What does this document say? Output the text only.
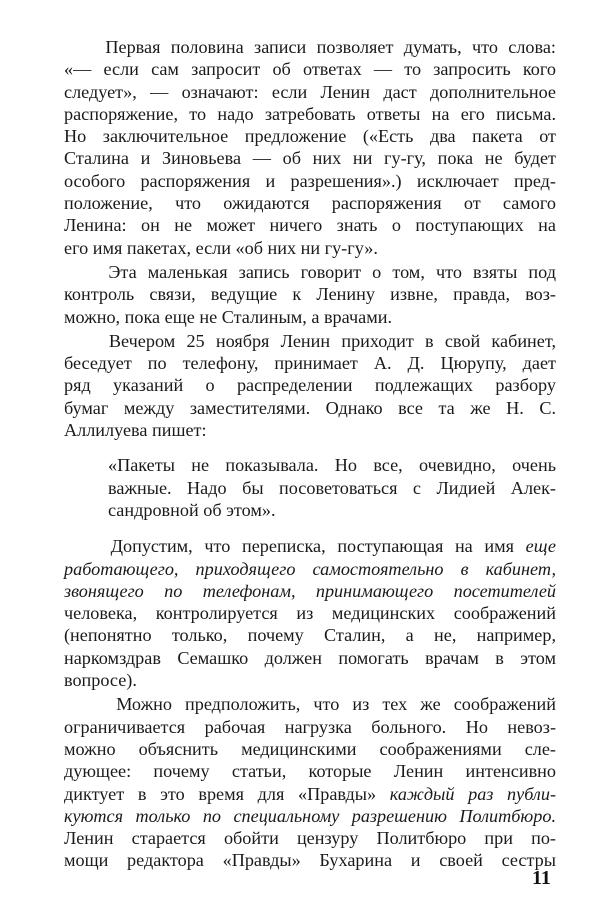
Первая половина записи позволяет думать, что слова:
«— если сам запросит об ответах — то запросить кого
следует», — означают: если Ленин даст дополнительное
распоряжение, то надо затребовать ответы на его письма.
Но заключительное предложение («Есть два пакета от
Сталина и Зиновьева — об них ни гу-гу, пока не будет
особого распоряжения и разрешения».) исключает пред-
положение, что ожидаются распоряжения от самого
Ленина: он не может ничего знать о поступающих на
его имя пакетах, если «об них ни гу-гу».
Эта маленькая запись говорит о том, что взяты под
контроль связи, ведущие к Ленину извне, правда, воз-
можно, пока еще не Сталиным, а врачами.
Вечером 25 ноября Ленин приходит в свой кабинет,
беседует по телефону, принимает А. Д. Цюрупу, дает
ряд указаний о распределении подлежащих разбору
бумаг между заместителями. Однако все та же Н. С.
Аллилуева пишет:
«Пакеты не показывала. Но все, очевидно, очень
важные. Надо бы посоветоваться с Лидией Алек-
сандровной об этом».
Допустим, что переписка, поступающая на имя еще
работающего, приходящего самостоятельно в кабинет,
звонящего по телефонам, принимающего посетителей
человека, контролируется из медицинских соображений
(непонятно только, почему Сталин, а не, например,
наркомздрав Семашко должен помогать врачам в этом
вопросе).
Можно предположить, что из тех же соображений
ограничивается рабочая нагрузка больного. Но невоз-
можно объяснить медицинскими соображениями сле-
дующее: почему статьи, которые Ленин интенсивно
диктует в это время для «Правды» каждый раз публи-
куются только по специальному разрешению Политбюро.
Ленин старается обойти цензуру Политбюро при по-
мощи редактора «Правды» Бухарина и своей сестры
11
